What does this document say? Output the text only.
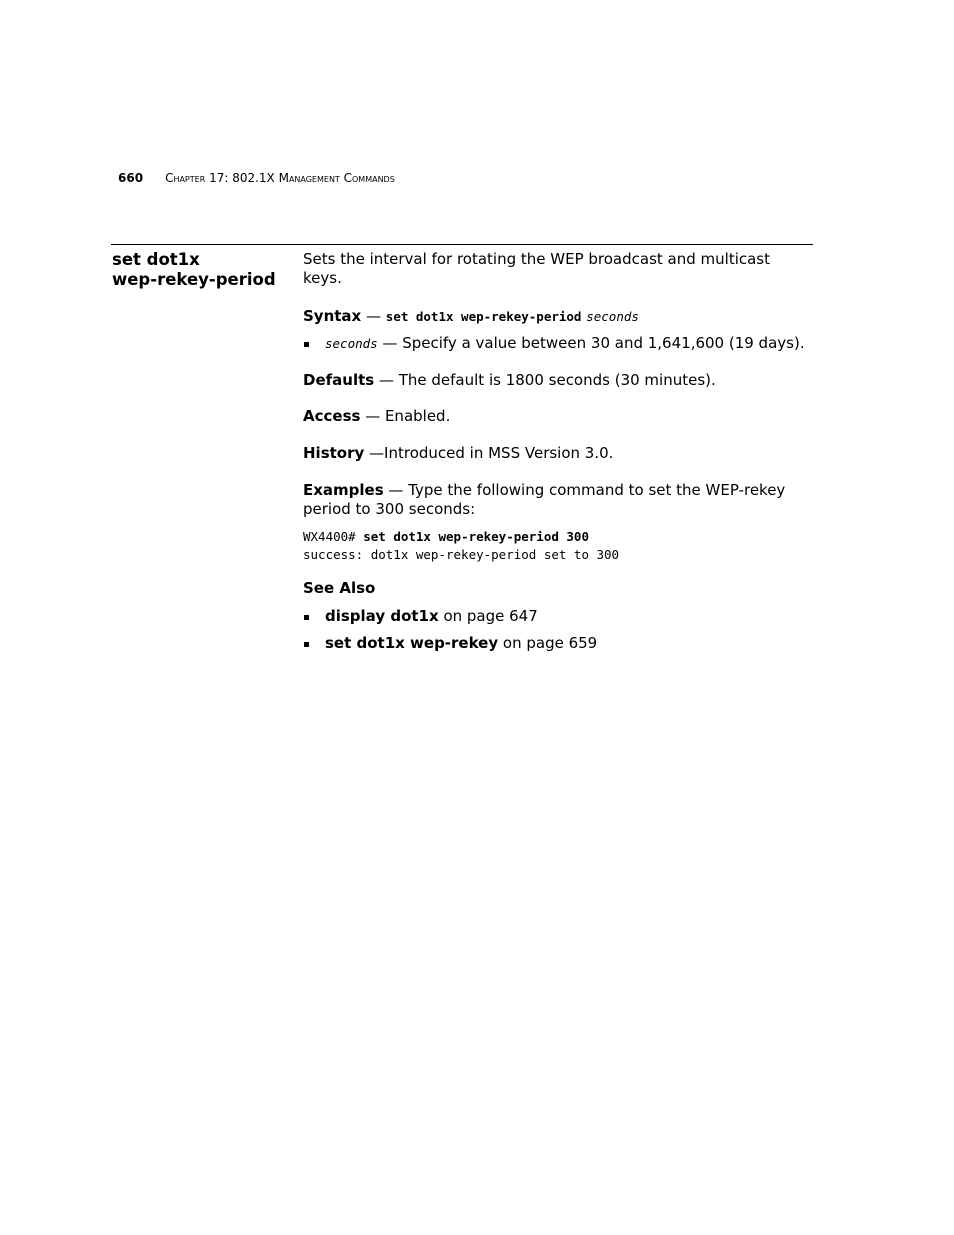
660 Chapter 17: 802.1X Management Commands
set dot1x
wep-rekey-period

Sets the interval for rotating the WEP broadcast and multicast keys.

Syntax — set dot1x wep-rekey-period seconds

seconds — Specify a value between 30 and 1,641,600 (19 days).

Defaults — The default is 1800 seconds (30 minutes).

Access — Enabled.

History —Introduced in MSS Version 3.0.

Examples — Type the following command to set the WEP-rekey period to 300 seconds:

WX4400# set dot1x wep-rekey-period 300
success: dot1x wep-rekey-period set to 300

See Also

display dot1x on page 647

set dot1x wep-rekey on page 659
